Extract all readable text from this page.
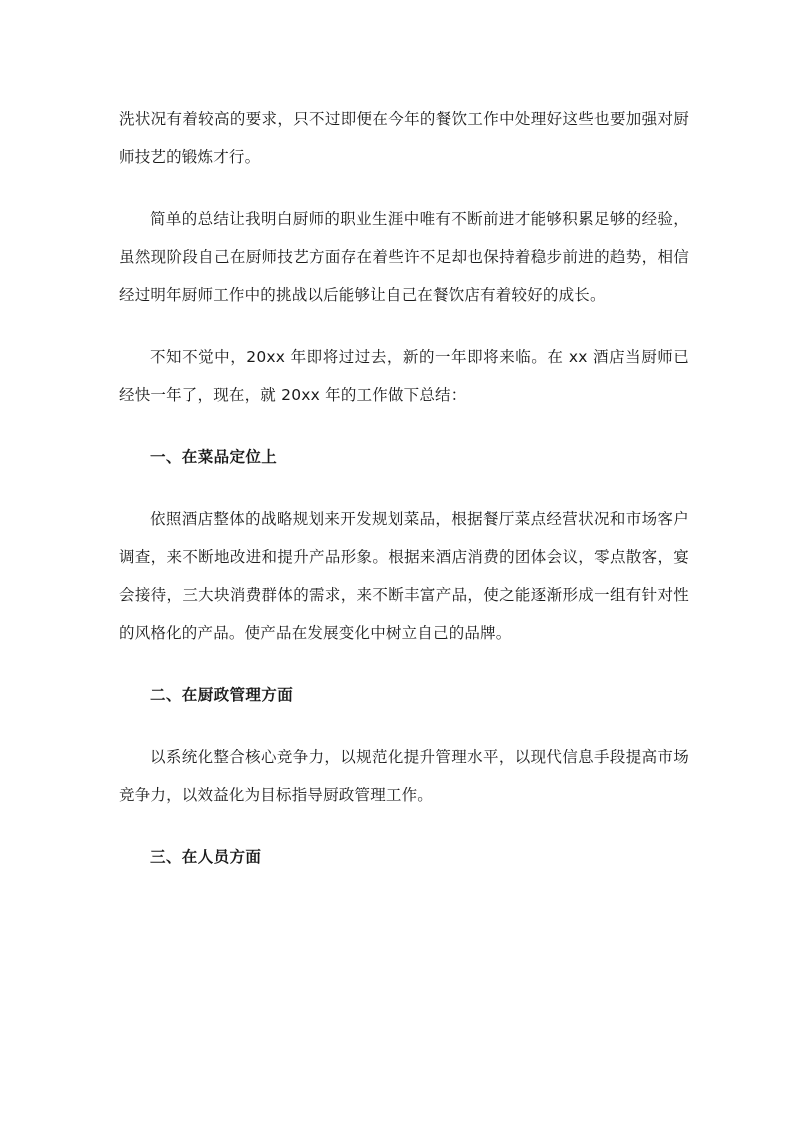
洗状况有着较高的要求，只不过即便在今年的餐饮工作中处理好这些也要加强对厨师技艺的锻炼才行。

简单的总结让我明白厨师的职业生涯中唯有不断前进才能够积累足够的经验，虽然现阶段自己在厨师技艺方面存在着些许不足却也保持着稳步前进的趋势，相信经过明年厨师工作中的挑战以后能够让自己在餐饮店有着较好的成长。

不知不觉中，20xx 年即将过过去，新的一年即将来临。在 xx 酒店当厨师已经快一年了，现在，就 20xx 年的工作做下总结：

一、在菜品定位上

依照酒店整体的战略规划来开发规划菜品，根据餐厅菜点经营状况和市场客户调查，来不断地改进和提升产品形象。根据来酒店消费的团体会议，零点散客，宴会接待，三大块消费群体的需求，来不断丰富产品，使之能逐渐形成一组有针对性的风格化的产品。使产品在发展变化中树立自己的品牌。

二、在厨政管理方面

以系统化整合核心竞争力，以规范化提升管理水平，以现代信息手段提高市场竞争力，以效益化为目标指导厨政管理工作。

三、在人员方面
